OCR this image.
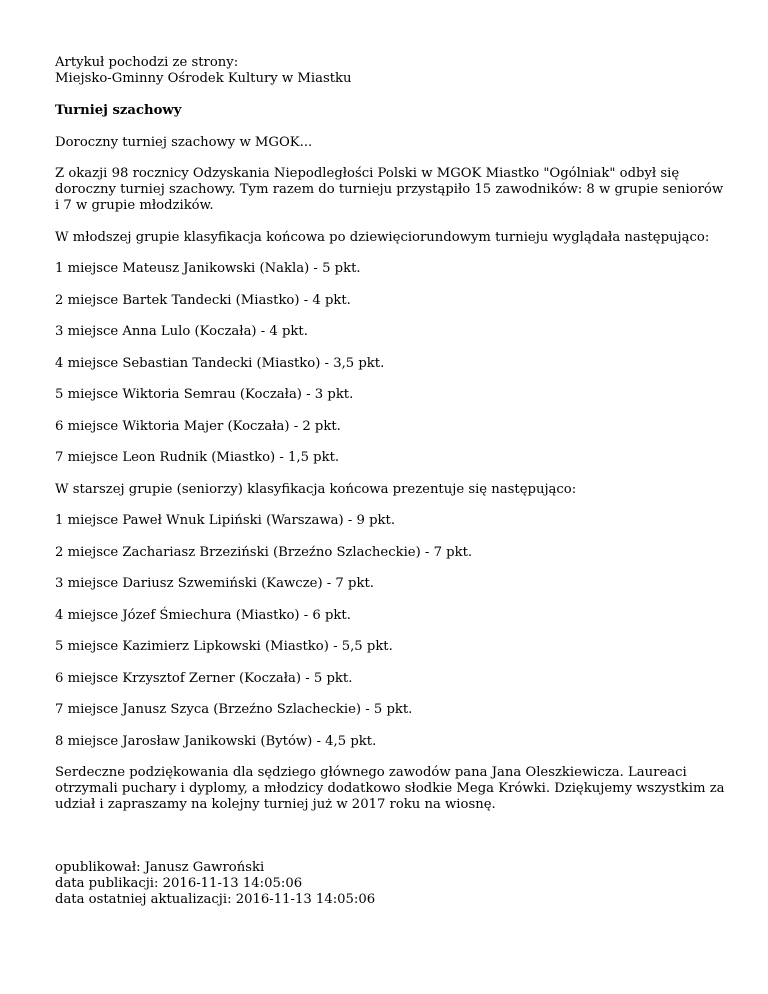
Artykuł pochodzi ze strony:
Miejsko-Gminny Ośrodek Kultury w Miastku

Turniej szachowy

Doroczny turniej szachowy w MGOK...

Z okazji 98 rocznicy Odzyskania Niepodległości Polski w MGOK Miastko "Ogólniak" odbył się doroczny turniej szachowy. Tym razem do turnieju przystąpiło 15 zawodników: 8 w grupie seniorów i 7 w grupie młodzików.

W młodszej grupie klasyfikacja końcowa po dziewięciorundowym turnieju wyglądała następująco:

1 miejsce Mateusz Janikowski (Nakla) - 5 pkt.

2 miejsce Bartek Tandecki (Miastko) - 4 pkt.

3 miejsce Anna Lulo (Koczała) - 4 pkt.

4 miejsce Sebastian Tandecki (Miastko) - 3,5 pkt.

5 miejsce Wiktoria Semrau (Koczała) - 3 pkt.

6 miejsce Wiktoria Majer (Koczała) - 2 pkt.

7 miejsce Leon Rudnik (Miastko) - 1,5 pkt.

W starszej grupie (seniorzy) klasyfikacja końcowa prezentuje się następująco:

1 miejsce Paweł Wnuk Lipiński (Warszawa) - 9 pkt.

2 miejsce Zachariasz Brzeziński (Brzeźno Szlacheckie) - 7 pkt.

3 miejsce Dariusz Szwemiński (Kawcze) - 7 pkt.

4 miejsce Józef Śmiechura (Miastko) - 6 pkt.

5 miejsce Kazimierz Lipkowski (Miastko) - 5,5 pkt.

6 miejsce Krzysztof Zerner (Koczała) - 5 pkt.

7 miejsce Janusz Szyca (Brzeźno Szlacheckie) - 5 pkt.

8 miejsce Jarosław Janikowski (Bytów) - 4,5 pkt.

Serdeczne podziękowania dla sędziego głównego zawodów pana Jana Oleszkiewicza. Laureaci otrzymali puchary i dyplomy, a młodzicy dodatkowo słodkie Mega Krówki. Dziękujemy wszystkim za udział i zapraszamy na kolejny turniej już w 2017 roku na wiosnę.

opublikował: Janusz Gawroński
data publikacji: 2016-11-13 14:05:06
data ostatniej aktualizacji: 2016-11-13 14:05:06
